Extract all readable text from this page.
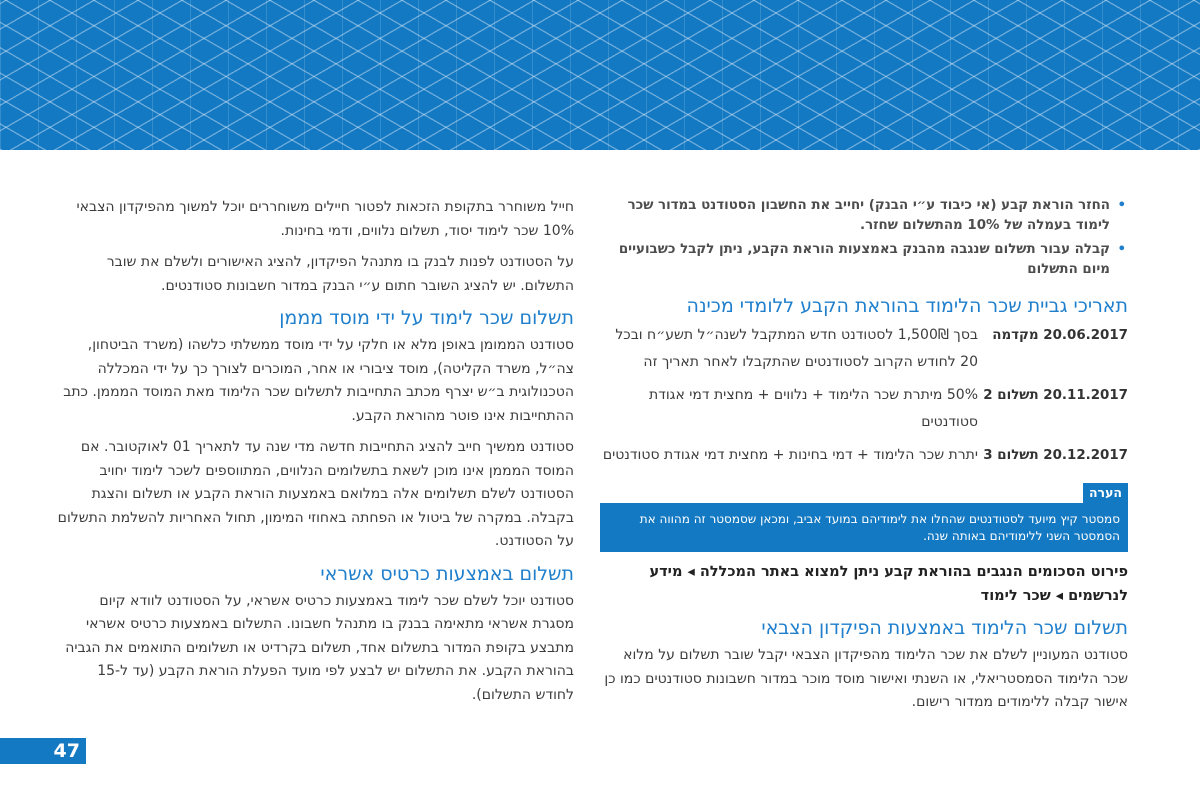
•
החזר הוראת קבע (אי כיבוד ע״י הבנק) יחייב את החשבון הסטודנט במדור שכר לימוד בעמלה של 10% מהתשלום שחזר.
•
קבלה עבור תשלום שנגבה מהבנק באמצעות הוראת הקבע, ניתן לקבל כשבועיים מיום התשלום
תאריכי גביית שכר הלימוד בהוראת הקבע ללומדי מכינה
20.06.2017 מקדמה
בסך 1,500₪ לסטודנט חדש המתקבל לשנה״ל תשע״ח ובכל 20 לחודש הקרוב לסטודנטים שהתקבלו לאחר תאריך זה
20.11.2017 תשלום 2
50% מיתרת שכר הלימוד + נלווים + מחצית דמי אגודת סטודנטים
20.12.2017 תשלום 3
יתרת שכר הלימוד + דמי בחינות + מחצית דמי אגודת סטודנטים
הערה
סמסטר קיץ מיועד לסטודנטים שהחלו את לימודיהם במועד אביב, ומכאן שסמסטר זה מהווה את הסמסטר השני ללימודיהם באותה שנה.
פירוט הסכומים הנגבים בהוראת קבע ניתן למצוא באתר המכללה ◂ מידע לנרשמים ◂ שכר לימוד
תשלום שכר הלימוד באמצעות הפיקדון הצבאי

סטודנט המעוניין לשלם את שכר הלימוד מהפיקדון הצבאי יקבל שובר תשלום על מלוא שכר הלימוד הסמסטריאלי, או השנתי ואישור מוסד מוכר במדור חשבונות סטודנטים כמו כן אישור קבלה ללימודים ממדור רישום.

חייל משוחרר בתקופת הזכאות לפטור חיילים משוחררים יוכל למשוך מהפיקדון הצבאי 10% שכר לימוד יסוד, תשלום נלווים, ודמי בחינות.

על הסטודנט לפנות לבנק בו מתנהל הפיקדון, להציג האישורים ולשלם את שובר התשלום. יש להציג השובר חתום ע״י הבנק במדור חשבונות סטודנטים.

תשלום שכר לימוד על ידי מוסד מממן

סטודנט הממומן באופן מלא או חלקי על ידי מוסד ממשלתי כלשהו (משרד הביטחון, צה״ל, משרד הקליטה), מוסד ציבורי או אחר, המוכרים לצורך כך על ידי המכללה הטכנולוגית ב״ש יצרף מכתב התחייבות לתשלום שכר הלימוד מאת המוסד המממן. כתב ההתחייבות אינו פוטר מהוראת הקבע.

סטודנט ממשיך חייב להציג התחייבות חדשה מדי שנה עד לתאריך 01 לאוקטובר. אם המוסד המממן אינו מוכן לשאת בתשלומים הנלווים, המתווספים לשכר לימוד יחויב הסטודנט לשלם תשלומים אלה במלואם באמצעות הוראת הקבע או תשלום והצגת בקבלה. במקרה של ביטול או הפחתה באחוזי המימון, תחול האחריות להשלמת התשלום על הסטודנט.

תשלום באמצעות כרטיס אשראי

סטודנט יוכל לשלם שכר לימוד באמצעות כרטיס אשראי, על הסטודנט לוודא קיום מסגרת אשראי מתאימה בבנק בו מתנהל חשבונו. התשלום באמצעות כרטיס אשראי מתבצע בקופת המדור בתשלום אחד, תשלום בקרדיט או תשלומים התואמים את הגביה בהוראת הקבע. את התשלום יש לבצע לפי מועד הפעלת הוראת הקבע (עד ל-15 לחודש התשלום).

47
